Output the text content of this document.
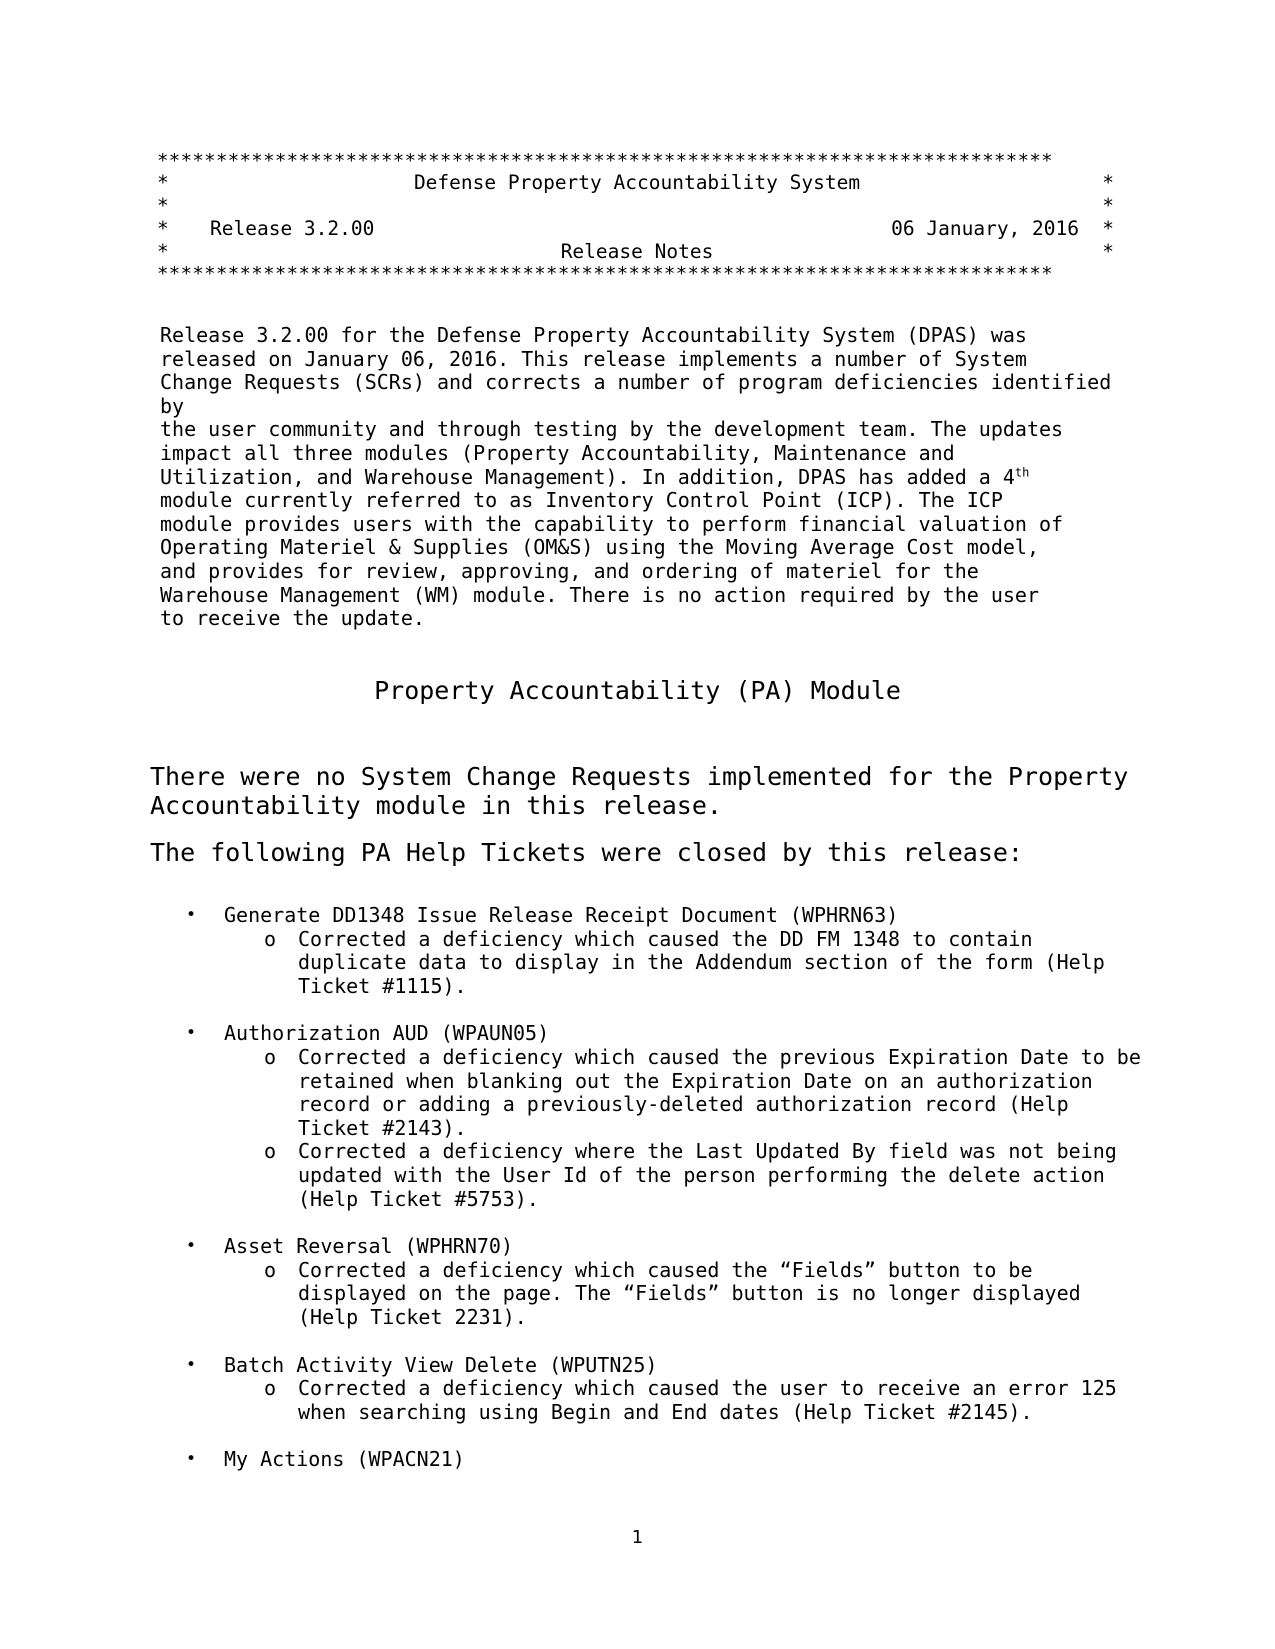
****************************************************************************
*	Defense Property Accountability System	*
*	*
* Release 3.2.00	06 January, 2016 *
*	Release Notes	*
****************************************************************************
Release 3.2.00 for the Defense Property Accountability System (DPAS) was
released on January 06, 2016. This release implements a number of System
Change Requests (SCRs) and corrects a number of program deficiencies identified by
the user community and through testing by the development team. The updates
impact all three modules (Property Accountability, Maintenance and
Utilization, and Warehouse Management). In addition, DPAS has added a 4th
module currently referred to as Inventory Control Point (ICP). The ICP
module provides users with the capability to perform financial valuation of
Operating Materiel & Supplies (OM&S) using the Moving Average Cost model,
and provides for review, approving, and ordering of materiel for the
Warehouse Management (WM) module. There is no action required by the user
to receive the update.
Property Accountability (PA) Module
There were no System Change Requests implemented for the Property Accountability module in this release.
The following PA Help Tickets were closed by this release:
• Generate DD1348 Issue Release Receipt Document (WPHRN63)
o Corrected a deficiency which caused the DD FM 1348 to contain duplicate data to display in the Addendum section of the form (Help Ticket #1115).
• Authorization AUD (WPAUN05)
o Corrected a deficiency which caused the previous Expiration Date to be retained when blanking out the Expiration Date on an authorization record or adding a previously-deleted authorization record (Help Ticket #2143).
o Corrected a deficiency where the Last Updated By field was not being updated with the User Id of the person performing the delete action (Help Ticket #5753).
• Asset Reversal (WPHRN70)
o Corrected a deficiency which caused the “Fields” button to be displayed on the page. The “Fields” button is no longer displayed (Help Ticket 2231).
• Batch Activity View Delete (WPUTN25)
o Corrected a deficiency which caused the user to receive an error 125 when searching using Begin and End dates (Help Ticket #2145).
• My Actions (WPACN21)
1
